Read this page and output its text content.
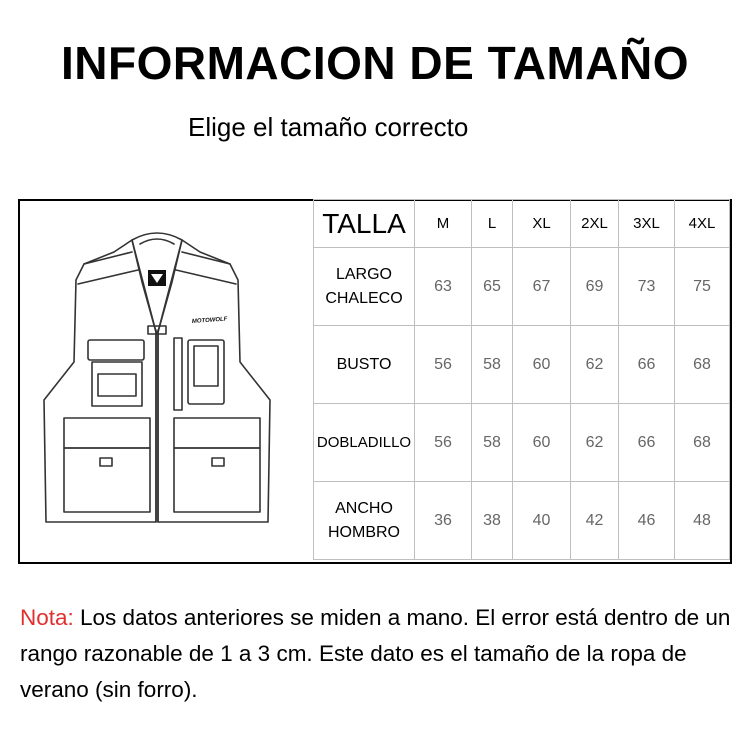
INFORMACION DE TAMAÑO
Elige el tamaño correcto
MOTOWOLF
TALLA	M	L	XL	2XL	3XL	4XL
LARGO
CHALECO	63	65	67	69	73	75
BUSTO	56	58	60	62	66	68
DOBLADILLO	56	58	60	62	66	68
ANCHO
HOMBRO	36	38	40	42	46	48
Nota: Los datos anteriores se miden a mano. El error está dentro de un rango razonable de 1 a 3 cm. Este dato es el tamaño de la ropa de verano (sin forro).
